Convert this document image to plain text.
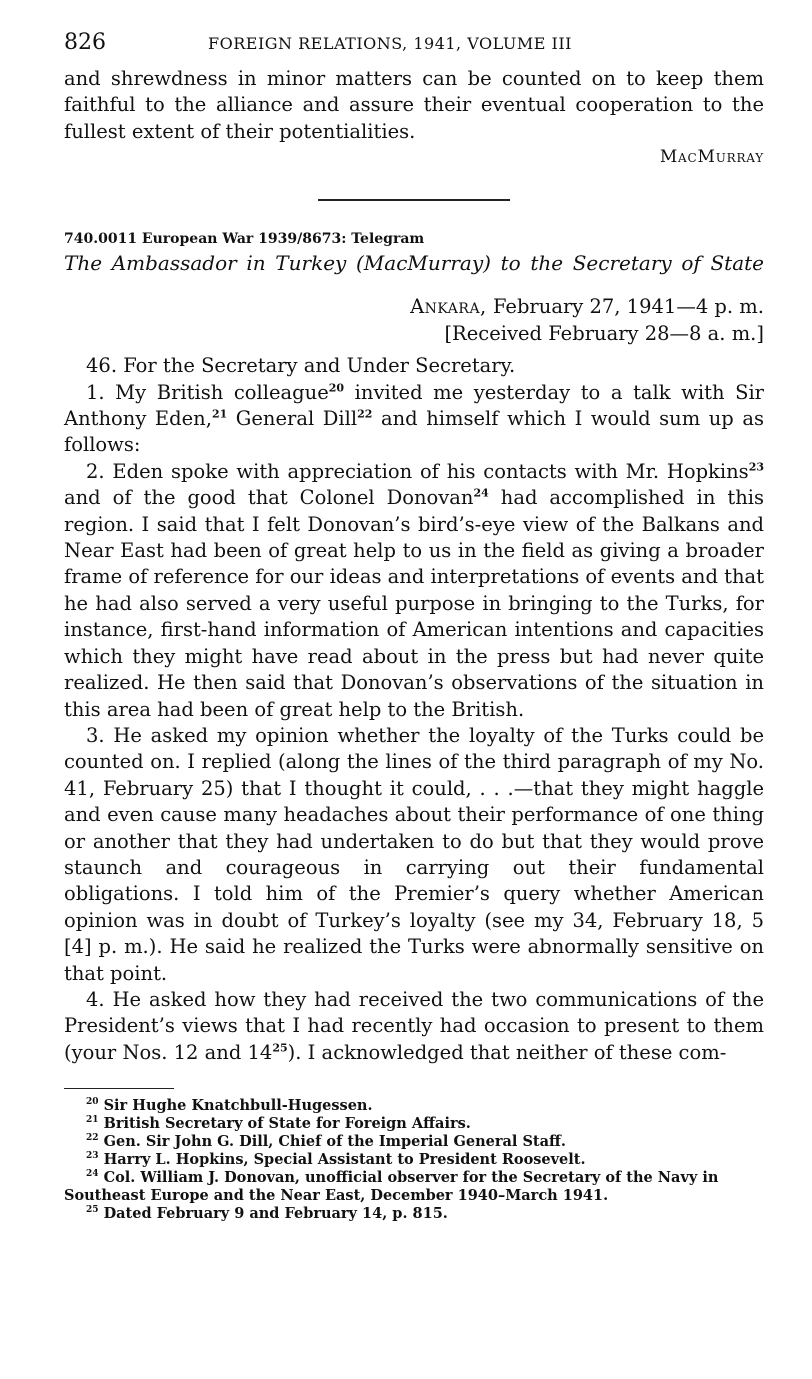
826	FOREIGN RELATIONS, 1941, VOLUME III

and shrewdness in minor matters can be counted on to keep them faithful to the alliance and assure their eventual cooperation to the fullest extent of their potentialities.

MacMurray

740.0011 European War 1939/8673: Telegram

The Ambassador in Turkey (MacMurray) to the Secretary of State

Ankara, February 27, 1941—4 p. m.

[Received February 28—8 a. m.]

46. For the Secretary and Under Secretary.

1. My British colleague$^{20}$ invited me yesterday to a talk with Sir Anthony Eden,$^{21}$ General Dill$^{22}$ and himself which I would sum up as follows:

2. Eden spoke with appreciation of his contacts with Mr. Hopkins$^{23}$ and of the good that Colonel Donovan$^{24}$ had accomplished in this region. I said that I felt Donovan’s bird’s-eye view of the Balkans and Near East had been of great help to us in the field as giving a broader frame of reference for our ideas and interpretations of events and that he had also served a very useful purpose in bringing to the Turks, for instance, first-hand information of American intentions and capacities which they might have read about in the press but had never quite realized. He then said that Donovan’s observations of the situation in this area had been of great help to the British.

3. He asked my opinion whether the loyalty of the Turks could be counted on. I replied (along the lines of the third paragraph of my No. 41, February 25) that I thought it could, . . .—that they might haggle and even cause many headaches about their performance of one thing or another that they had undertaken to do but that they would prove staunch and courageous in carrying out their fundamental obligations. I told him of the Premier’s query whether American opinion was in doubt of Turkey’s loyalty (see my 34, February 18, 5 [4] p. m.). He said he realized the Turks were abnormally sensitive on that point.

4. He asked how they had received the two communications of the President’s views that I had recently had occasion to present to them (your Nos. 12 and 14$^{25}$). I acknowledged that neither of these com-

$^{20}$ Sir Hughe Knatchbull-Hugessen.

$^{21}$ British Secretary of State for Foreign Affairs.

$^{22}$ Gen. Sir John G. Dill, Chief of the Imperial General Staff.

$^{23}$ Harry L. Hopkins, Special Assistant to President Roosevelt.

$^{24}$ Col. William J. Donovan, unofficial observer for the Secretary of the Navy in Southeast Europe and the Near East, December 1940–March 1941.

$^{25}$ Dated February 9 and February 14, p. 815.
